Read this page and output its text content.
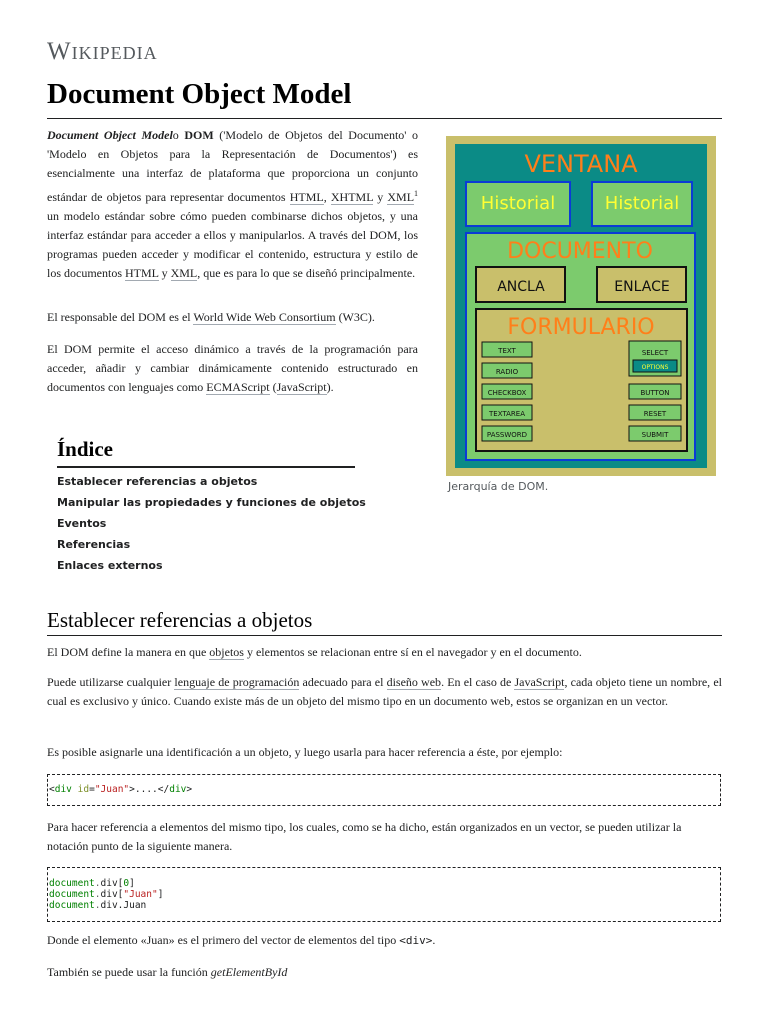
Wikipedia
Document Object Model

Document Object Modelo DOM ('Modelo de Objetos del Documento' o 'Modelo en Objetos para la Representación de Documentos') es esencialmente una interfaz de plataforma que proporciona un conjunto estándar de objetos para representar documentos HTML, XHTML y XML$^1$ un modelo estándar sobre cómo pueden combinarse dichos objetos, y una interfaz estándar para acceder a ellos y manipularlos. A través del DOM, los programas pueden acceder y modificar el contenido, estructura y estilo de los documentos HTML y XML, que es para lo que se diseñó principalmente.

El responsable del DOM es el World Wide Web Consortium (W3C).

El DOM permite el acceso dinámico a través de la programación para acceder, añadir y cambiar dinámicamente contenido estructurado en documentos con lenguajes como ECMAScript (JavaScript).

VENTANA
Historial	Historial
DOCUMENTO
ANCLA	ENLACE
FORMULARIO
TEXT
RADIO
CHECKBOX
TEXTAREA
PASSWORD
SELECT
OPTIONS
BUTTON
RESET
SUBMIT
Jerarquía de DOM.
Índice
Establecer referencias a objetos
Manipular las propiedades y funciones de objetos
Eventos
Referencias
Enlaces externos
Establecer referencias a objetos

El DOM define la manera en que objetos y elementos se relacionan entre sí en el navegador y en el documento.

Puede utilizarse cualquier lenguaje de programación adecuado para el diseño web. En el caso de JavaScript, cada objeto tiene un nombre, el cual es exclusivo y único. Cuando existe más de un objeto del mismo tipo en un documento web, estos se organizan en un vector.

Es posible asignarle una identificación a un objeto, y luego usarla para hacer referencia a éste, por ejemplo:

<div id="Juan">....</div>

Para hacer referencia a elementos del mismo tipo, los cuales, como se ha dicho, están organizados en un vector, se pueden utilizar la notación punto de la siguiente manera.

document.div[0]
document.div["Juan"]
document.div.Juan

Donde el elemento «Juan» es el primero del vector de elementos del tipo <div>.

También se puede usar la función getElementById
